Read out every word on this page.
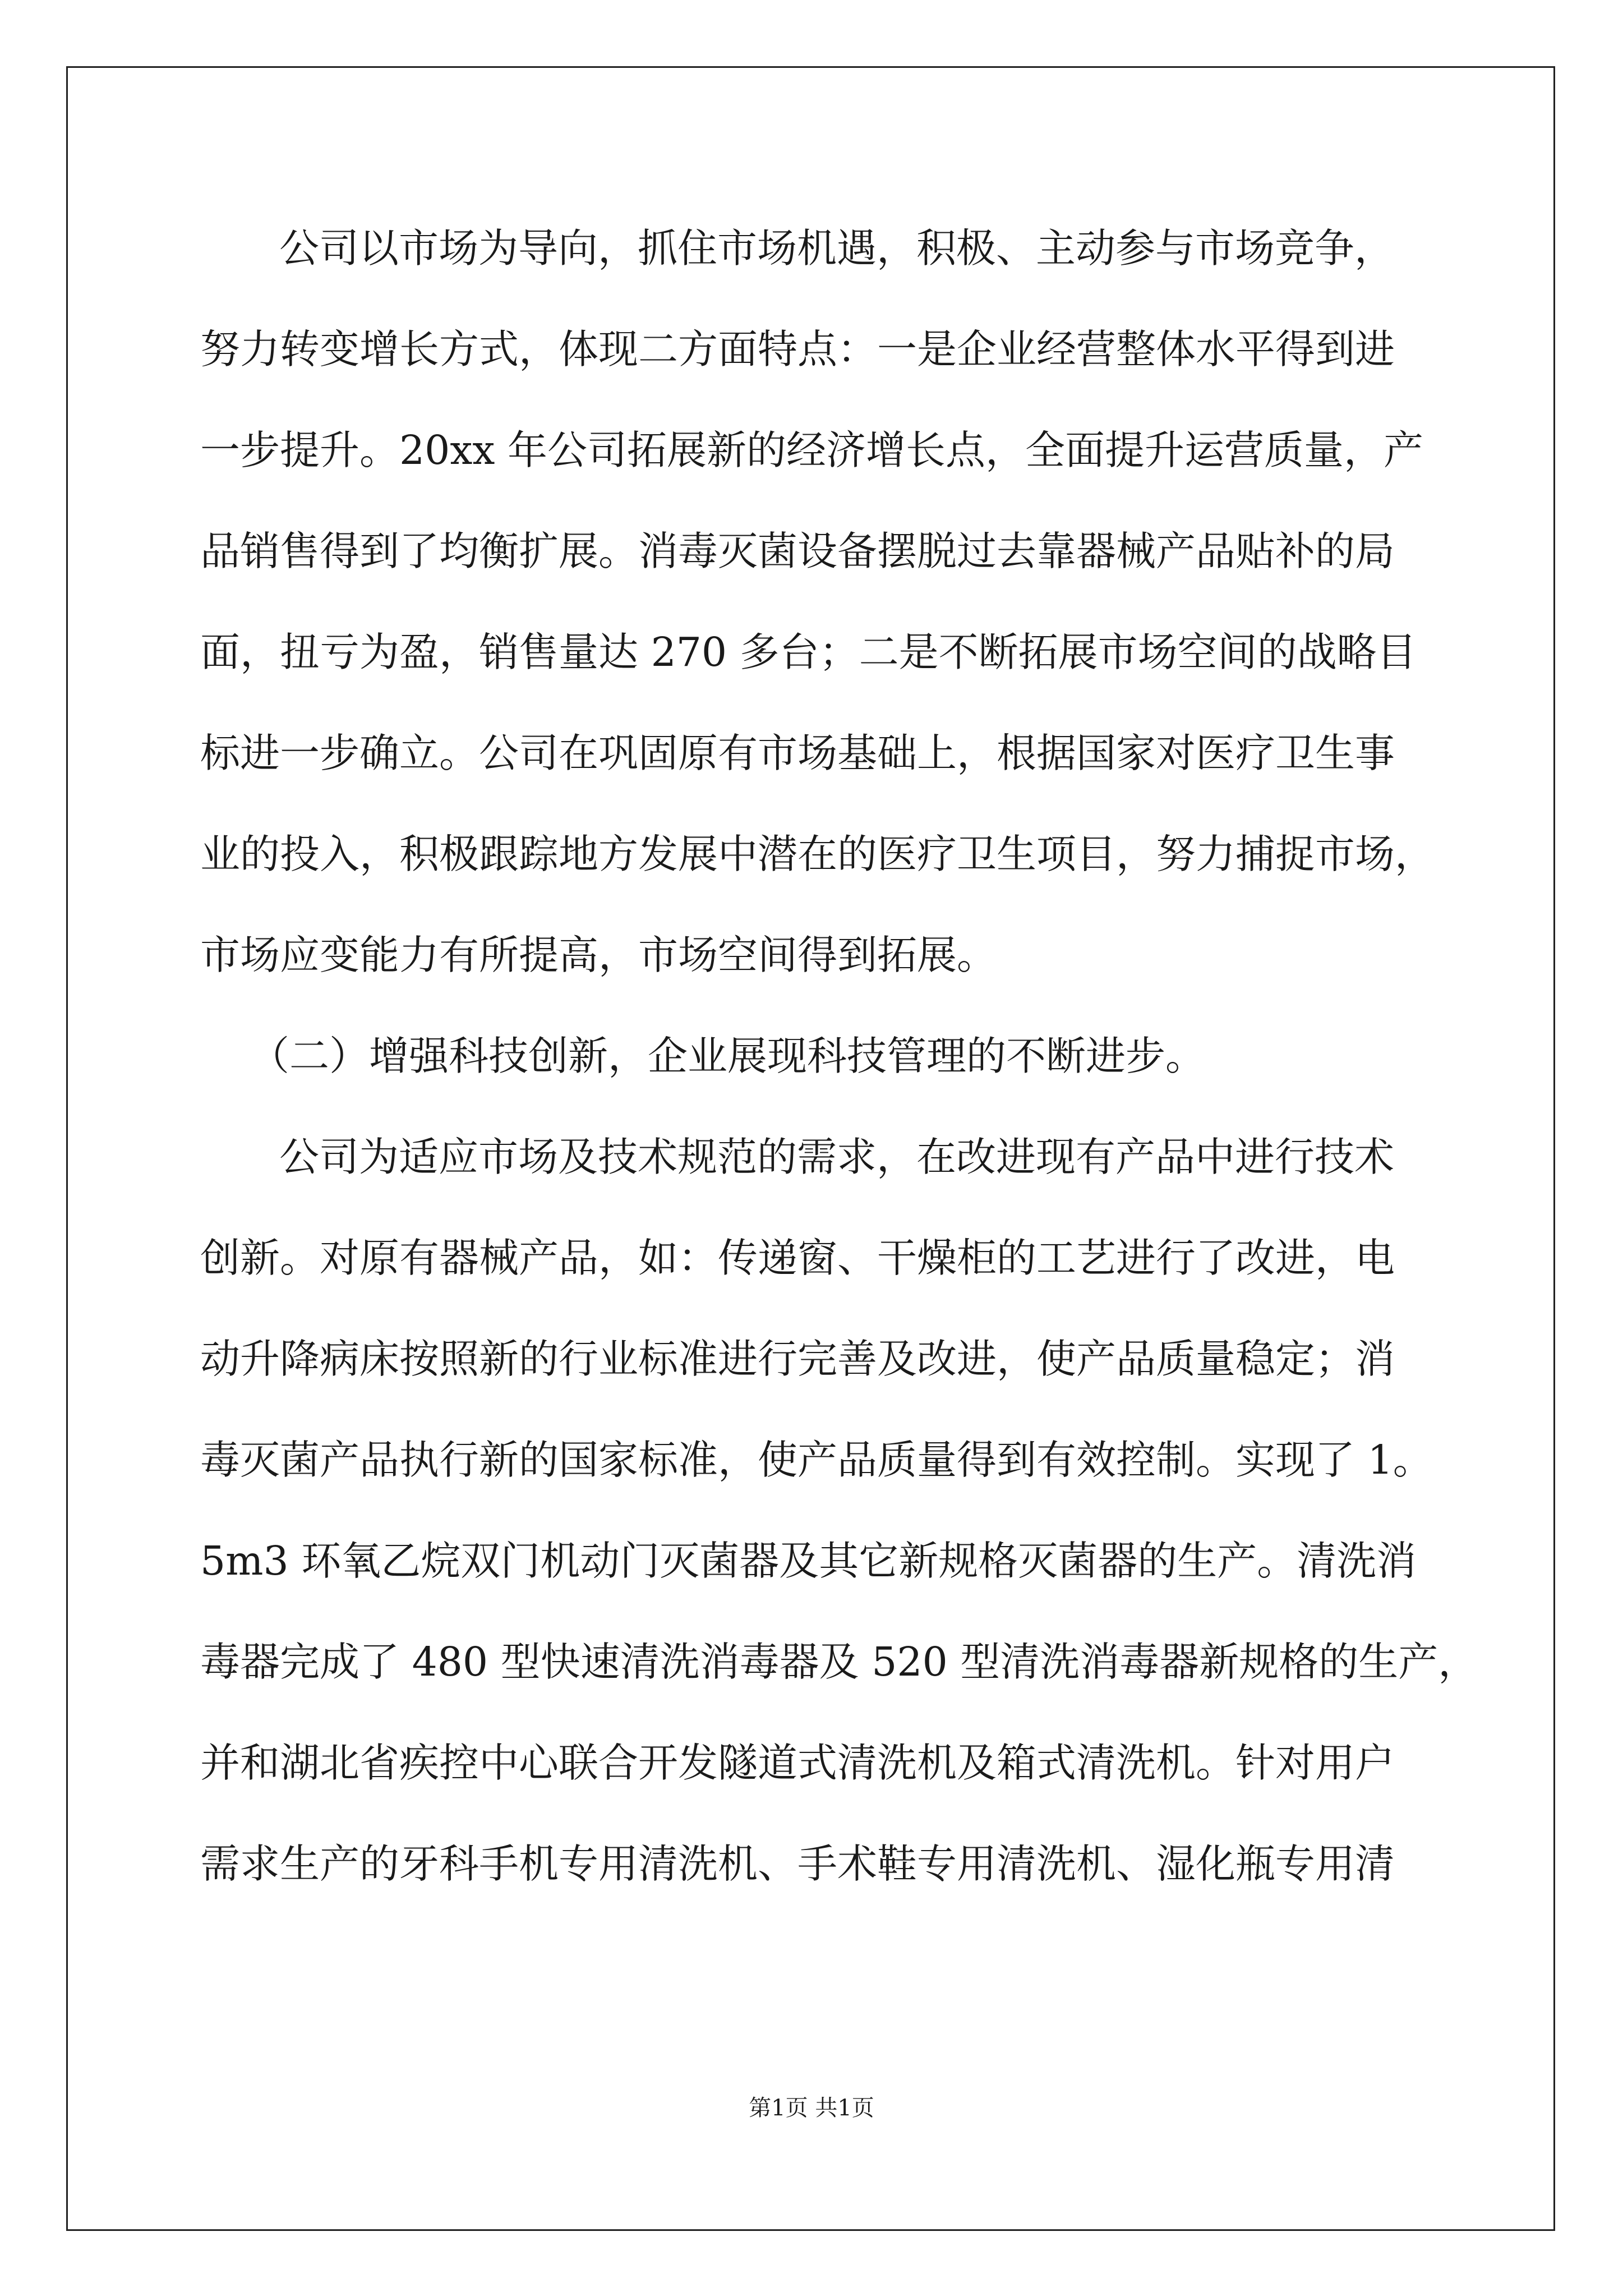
公司以市场为导向，抓住市场机遇，积极、主动参与市场竞争，
努力转变增长方式，体现二方面特点：一是企业经营整体水平得到进
一步提升。20xx 年公司拓展新的经济增长点，全面提升运营质量，产
品销售得到了均衡扩展。消毒灭菌设备摆脱过去靠器械产品贴补的局
面，扭亏为盈，销售量达 270 多台；二是不断拓展市场空间的战略目
标进一步确立。公司在巩固原有市场基础上，根据国家对医疗卫生事
业的投入，积极跟踪地方发展中潜在的医疗卫生项目，努力捕捉市场，
市场应变能力有所提高，市场空间得到拓展。
（二）增强科技创新，企业展现科技管理的不断进步。
公司为适应市场及技术规范的需求，在改进现有产品中进行技术
创新。对原有器械产品，如：传递窗、干燥柜的工艺进行了改进，电
动升降病床按照新的行业标准进行完善及改进，使产品质量稳定；消
毒灭菌产品执行新的国家标准，使产品质量得到有效控制。实现了 1。
5m3 环氧乙烷双门机动门灭菌器及其它新规格灭菌器的生产。清洗消
毒器完成了 480 型快速清洗消毒器及 520 型清洗消毒器新规格的生产，
并和湖北省疾控中心联合开发隧道式清洗机及箱式清洗机。针对用户
需求生产的牙科手机专用清洗机、手术鞋专用清洗机、湿化瓶专用清
第1页 共1页
